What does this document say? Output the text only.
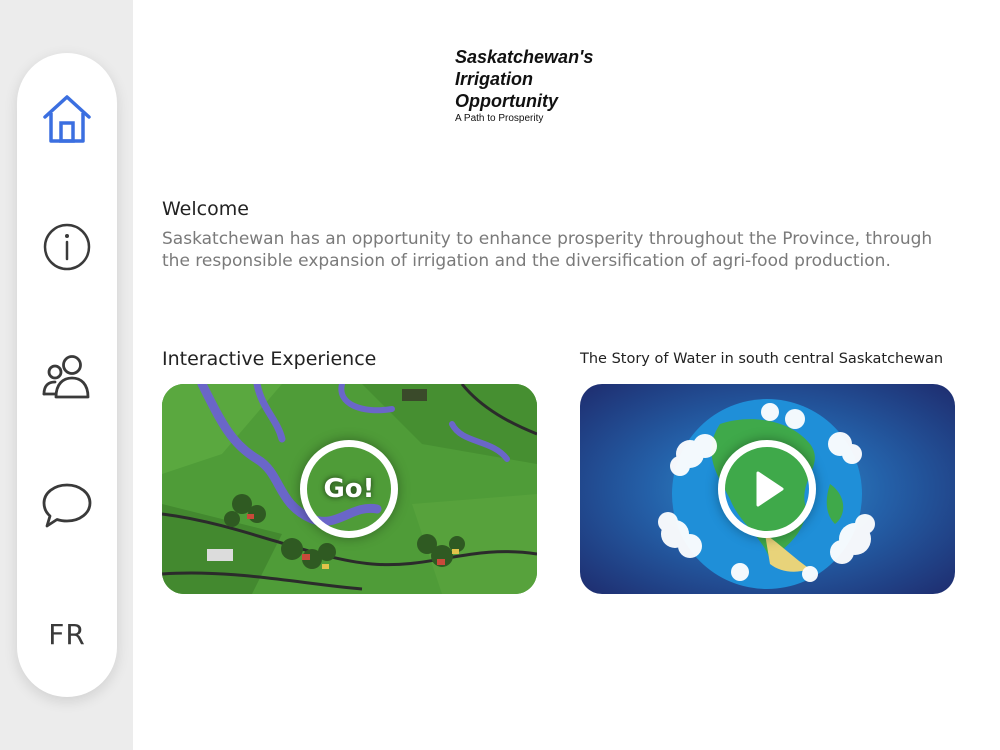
FR
Saskatchewan's
Irrigation
Opportunity
A Path to Prosperity
Welcome

Saskatchewan has an opportunity to enhance prosperity throughout the Province, through the responsible expansion of irrigation and the diversification of agri-food production.

Interactive Experience	The Story of Water in south central Saskatchewan
Go!
